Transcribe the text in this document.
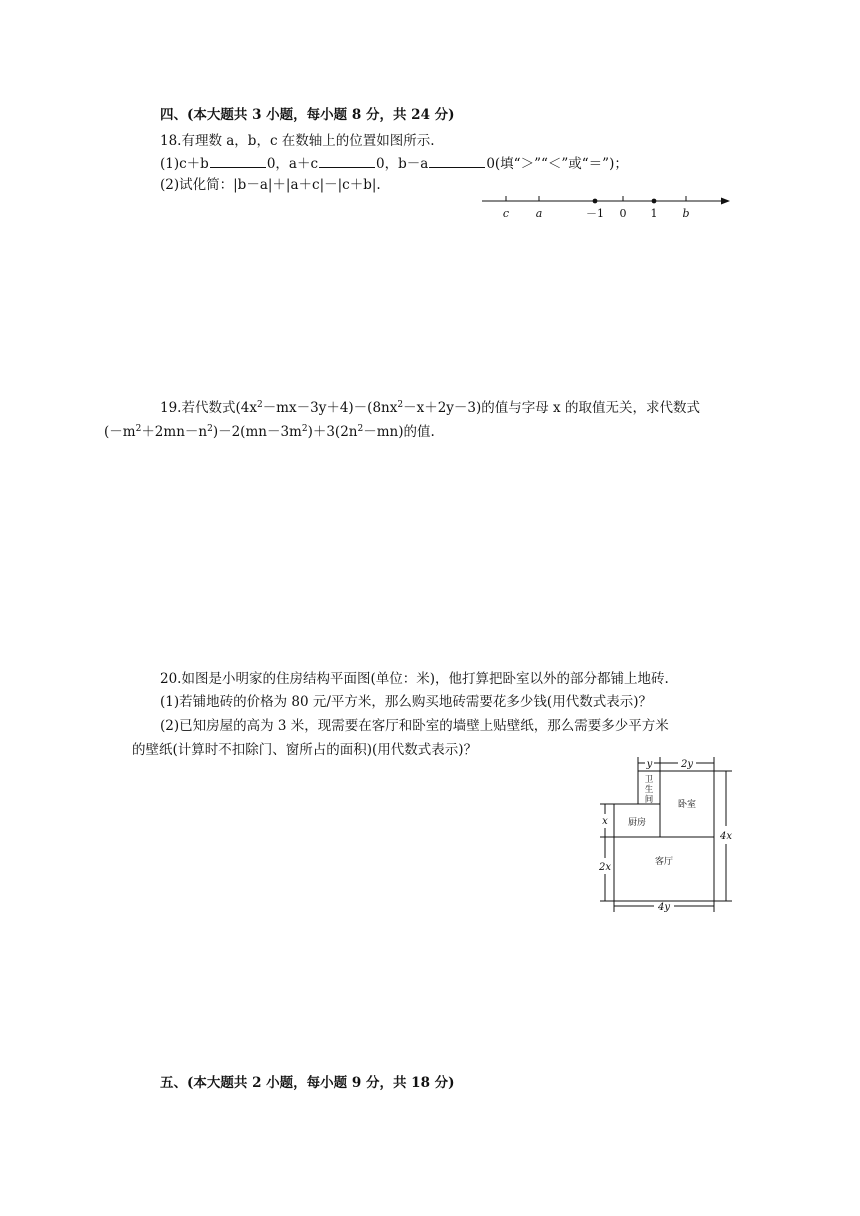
四、(本大题共 3 小题，每小题 8 分，共 24 分)
18.有理数 a，b，c 在数轴上的位置如图所示.
(1)c＋b	0，a＋c	0，b－a	0(填“＞”“＜”或“＝”)；
(2)试化简：|b－a|＋|a＋c|－|c＋b|.
c a	－1 0 1 b
19.若代数式$(4x^2-mx-3y+4)-(8nx^2-x+2y-3)$的值与字母 x 的取值无关，求代数式
$(-m^2+2mn-n^2)-2(mn-3m^2)+3(2n^2-mn)$的值.
20.如图是小明家的住房结构平面图(单位：米)，他打算把卧室以外的部分都铺上地砖.
(1)若铺地砖的价格为 80 元/平方米，那么购买地砖需要花多少钱(用代数式表示)？
(2)已知房屋的高为 3 米，现需要在客厅和卧室的墙壁上贴壁纸，那么需要多少平方米
的壁纸(计算时不扣除门、窗所占的面积)(用代数式表示)？
y	2y
x
2x
4x
4y
卫
生
间	卧室
厨房
客厅
五、(本大题共 2 小题，每小题 9 分，共 18 分)
